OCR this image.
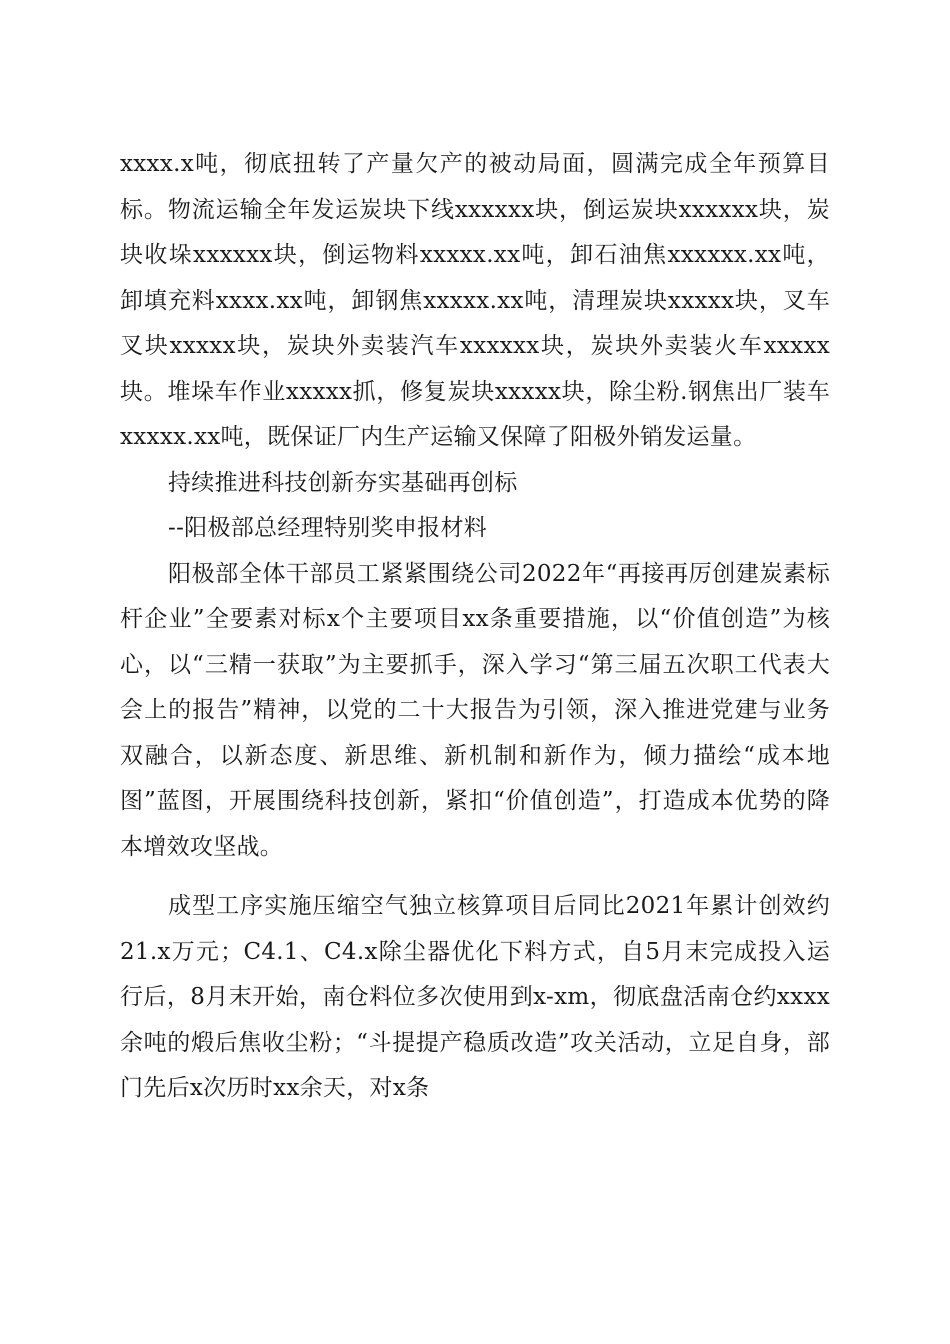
xxxx.x吨，彻底扭转了产量欠产的被动局面，圆满完成全年预算目标。物流运输全年发运炭块下线xxxxxx块，倒运炭块xxxxxx块，炭块收垛xxxxxx块，倒运物料xxxxx.xx吨，卸石油焦xxxxxx.xx吨，卸填充料xxxx.xx吨，卸钢焦xxxxx.xx吨，清理炭块xxxxx块，叉车叉块xxxxx块，炭块外卖装汽车xxxxxx块，炭块外卖装火车xxxxx块。堆垛车作业xxxxx抓，修复炭块xxxxx块，除尘粉.钢焦出厂装车xxxxx.xx吨，既保证厂内生产运输又保障了阳极外销发运量。

持续推进科技创新夯实基础再创标

--阳极部总经理特别奖申报材料

阳极部全体干部员工紧紧围绕公司2022年“再接再厉创建炭素标杆企业”全要素对标x个主要项目xx条重要措施，以“价值创造”为核心，以“三精一获取”为主要抓手，深入学习“第三届五次职工代表大会上的报告”精神，以党的二十大报告为引领，深入推进党建与业务双融合，以新态度、新思维、新机制和新作为，倾力描绘“成本地图”蓝图，开展围绕科技创新，紧扣“价值创造”，打造成本优势的降本增效攻坚战。

成型工序实施压缩空气独立核算项目后同比2021年累计创效约21.x万元；C4.1、C4.x除尘器优化下料方式，自5月末完成投入运行后，8月末开始，南仓料位多次使用到x-xm，彻底盘活南仓约xxxx余吨的煅后焦收尘粉；“斗提提产稳质改造”攻关活动，立足自身，部门先后x次历时xx余天，对x条
